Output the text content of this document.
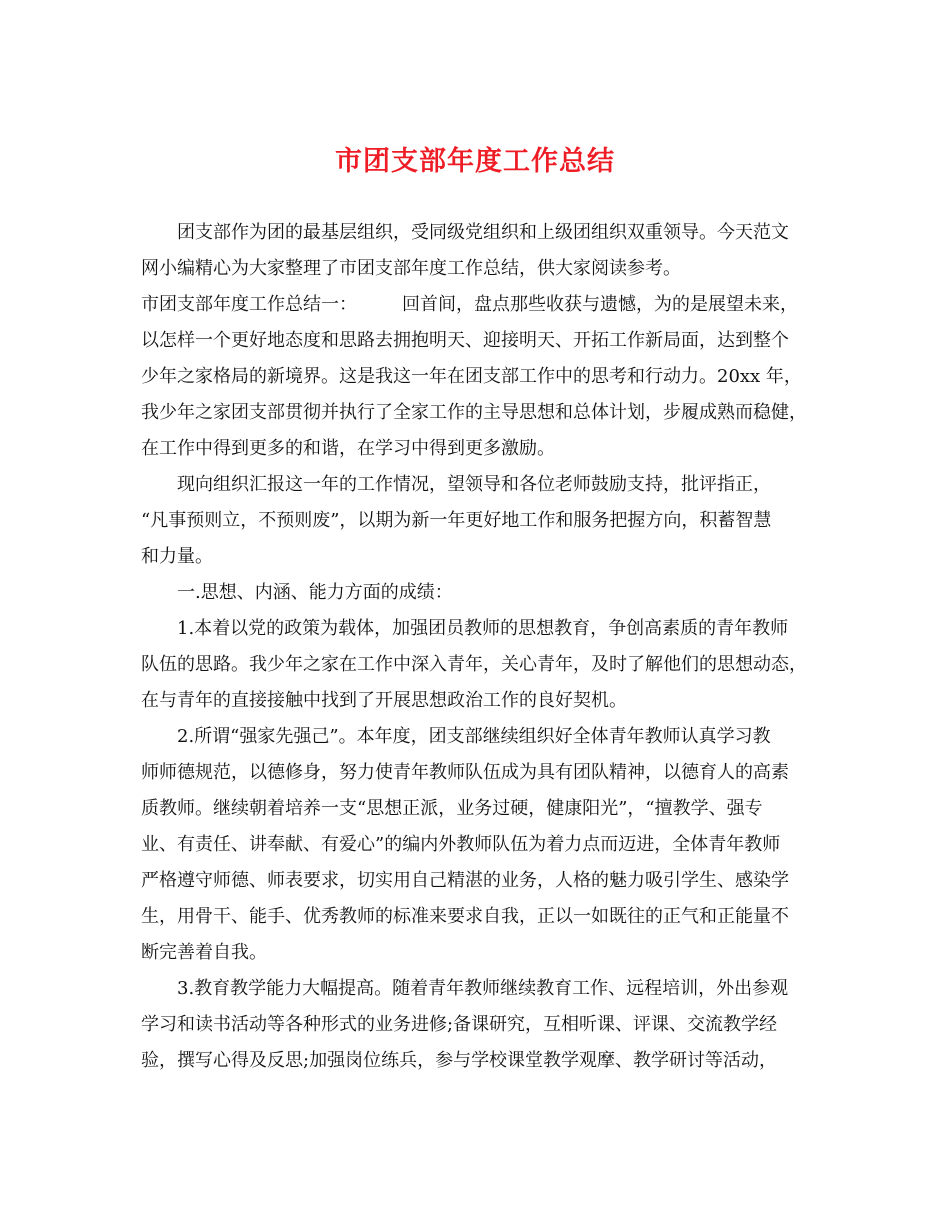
市团支部年度工作总结
团支部作为团的最基层组织，受同级党组织和上级团组织双重领导。今天范文
网小编精心为大家整理了市团支部年度工作总结，供大家阅读参考。
市团支部年度工作总结一：　　　回首间，盘点那些收获与遗憾，为的是展望未来，
以怎样一个更好地态度和思路去拥抱明天、迎接明天、开拓工作新局面，达到整个
少年之家格局的新境界。这是我这一年在团支部工作中的思考和行动力。20xx 年，
我少年之家团支部贯彻并执行了全家工作的主导思想和总体计划，步履成熟而稳健，
在工作中得到更多的和谐，在学习中得到更多激励。
现向组织汇报这一年的工作情况，望领导和各位老师鼓励支持，批评指正，
“凡事预则立，不预则废”，以期为新一年更好地工作和服务把握方向，积蓄智慧
和力量。
一.思想、内涵、能力方面的成绩：
1.本着以党的政策为载体，加强团员教师的思想教育，争创高素质的青年教师
队伍的思路。我少年之家在工作中深入青年，关心青年，及时了解他们的思想动态，
在与青年的直接接触中找到了开展思想政治工作的良好契机。
2.所谓“强家先强己”。本年度，团支部继续组织好全体青年教师认真学习教
师师德规范，以德修身，努力使青年教师队伍成为具有团队精神，以德育人的高素
质教师。继续朝着培养一支“思想正派，业务过硬，健康阳光”，“擅教学、强专
业、有责任、讲奉献、有爱心”的编内外教师队伍为着力点而迈进，全体青年教师
严格遵守师德、师表要求，切实用自己精湛的业务，人格的魅力吸引学生、感染学
生，用骨干、能手、优秀教师的标准来要求自我，正以一如既往的正气和正能量不
断完善着自我。
3.教育教学能力大幅提高。随着青年教师继续教育工作、远程培训，外出参观
学习和读书活动等各种形式的业务进修;备课研究，互相听课、评课、交流教学经
验，撰写心得及反思;加强岗位练兵，参与学校课堂教学观摩、教学研讨等活动，
